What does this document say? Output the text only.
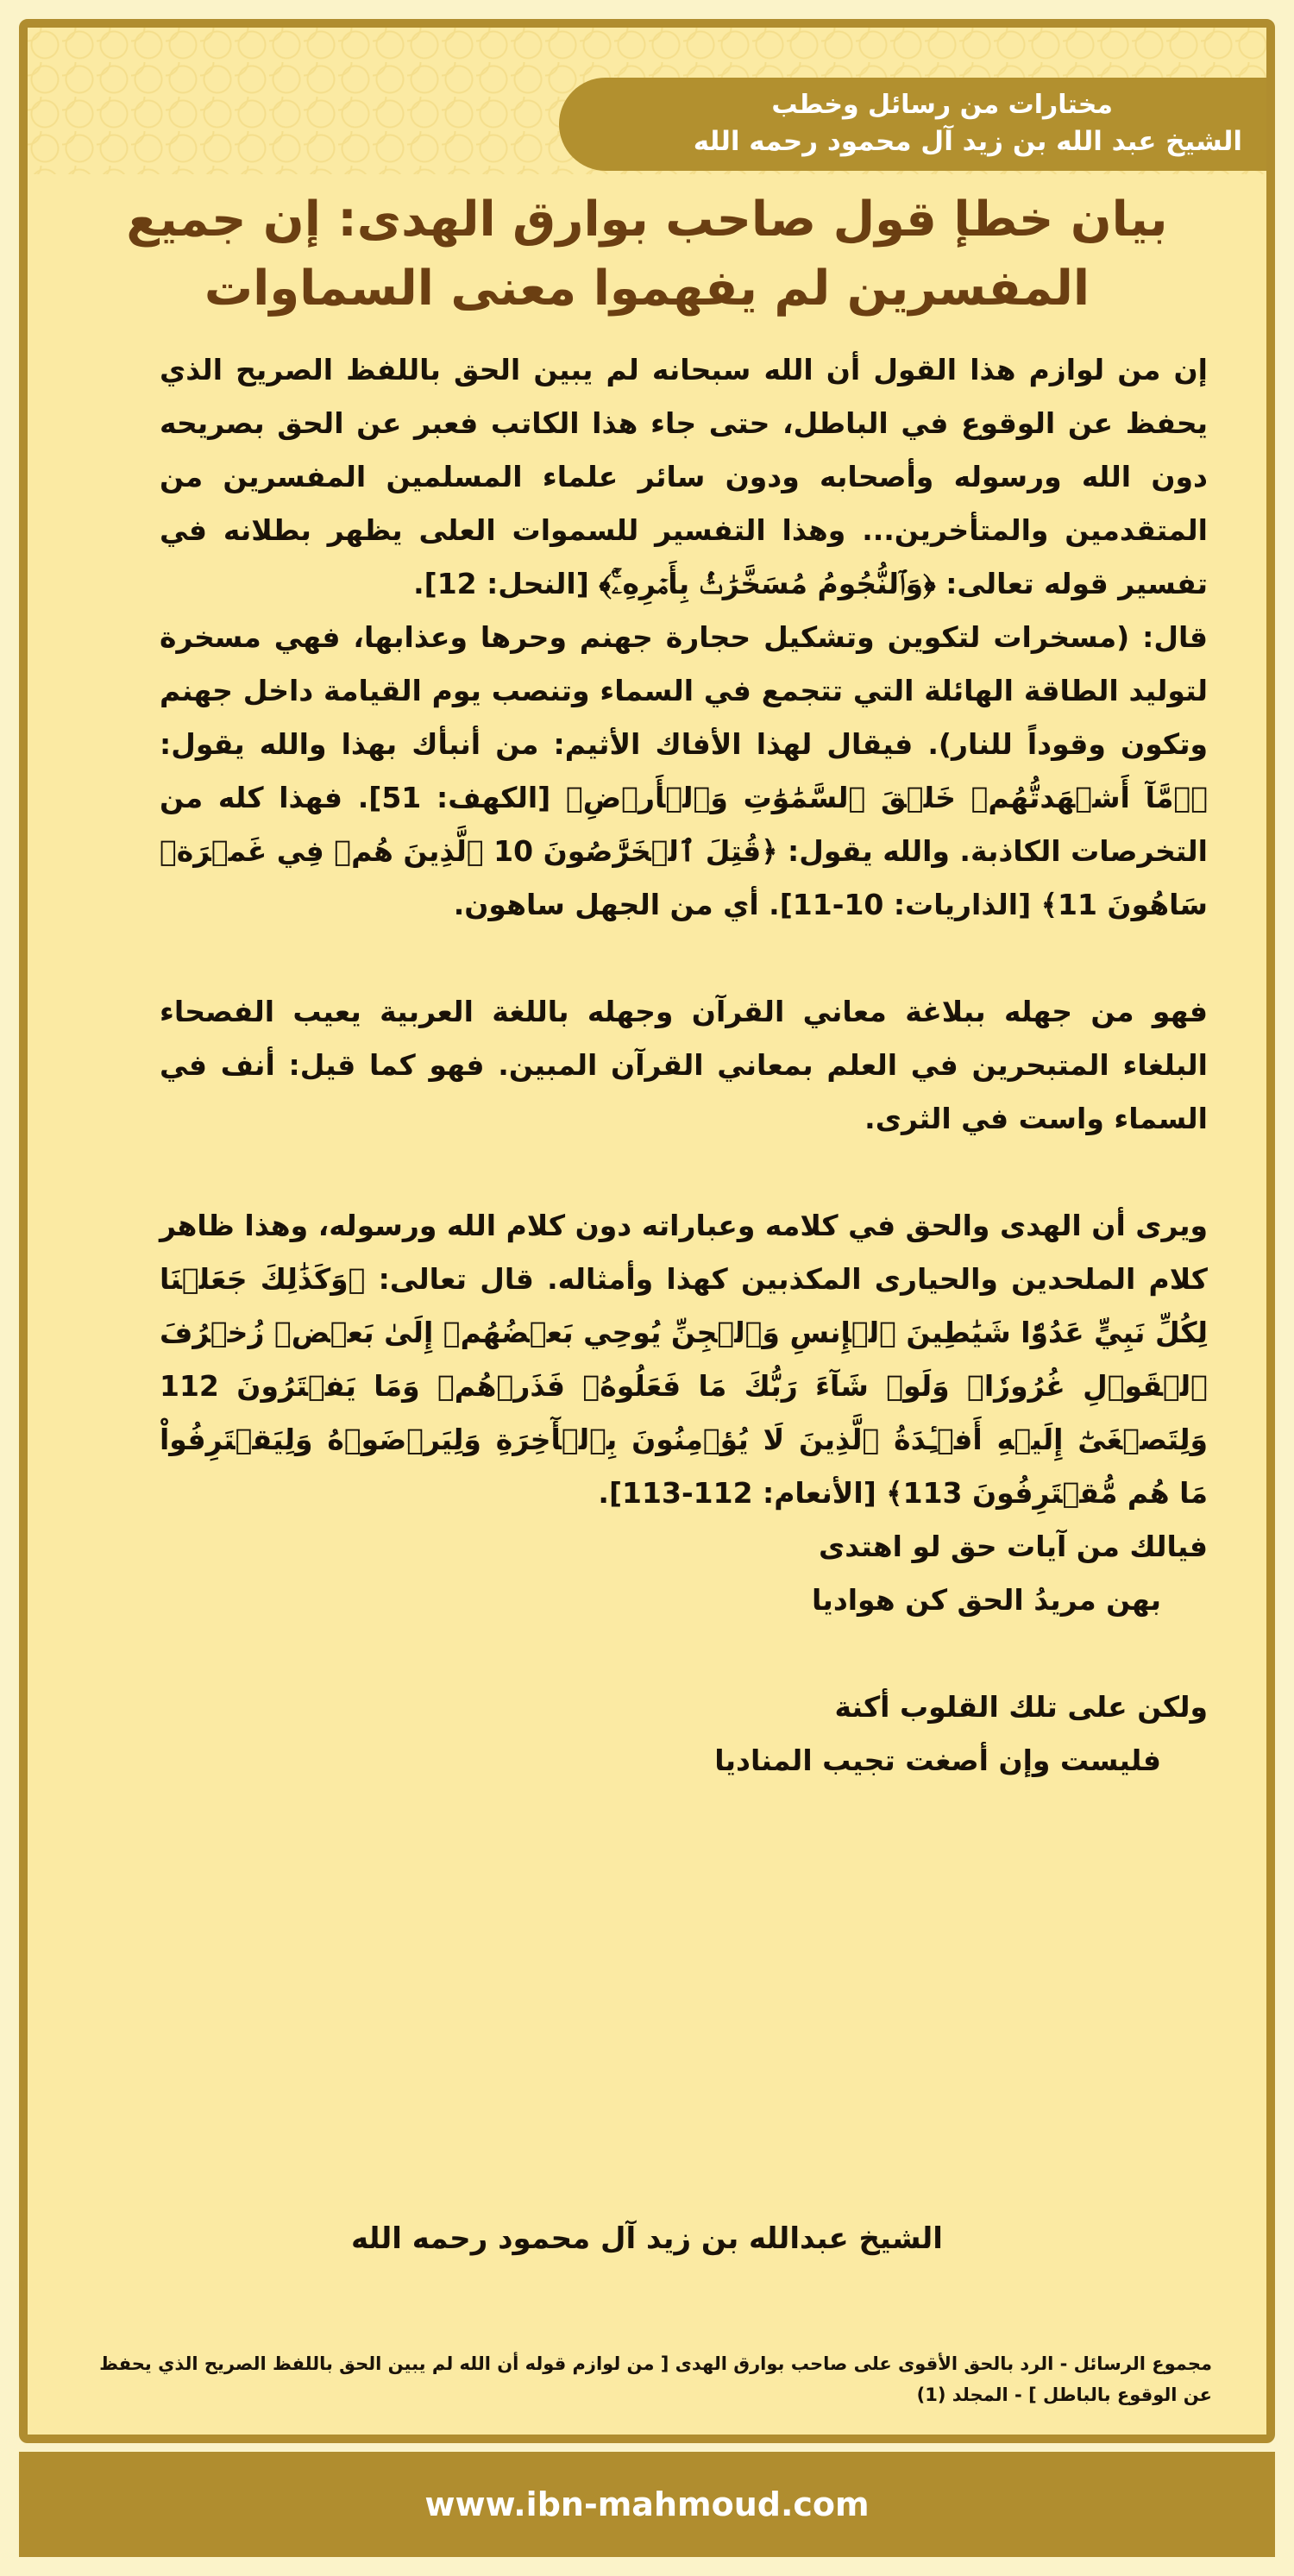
مختارات من رسائل وخطب
الشيخ عبد الله بن زيد آل محمود رحمه الله
بيان خطإ قول صاحب بوارق الهدى: إن جميع
المفسرين لم يفهموا معنى السماوات

إن من لوازم هذا القول أن الله سبحانه لم يبين الحق باللفظ الصريح الذي يحفظ عن الوقوع في الباطل، حتى جاء هذا الكاتب فعبر عن الحق بصريحه دون الله ورسوله وأصحابه ودون سائر علماء المسلمين المفسرين من المتقدمين والمتأخرين... وهذا التفسير للسموات العلى يظهر بطلانه في تفسير قوله تعالى: ﴿وَٱلنُّجُومُ مُسَخَّرَٰتُۢ بِأَمۡرِهِۦٓۚ﴾ [النحل: 12].

قال: (مسخرات لتكوين وتشكيل حجارة جهنم وحرها وعذابها، فهي مسخرة لتوليد الطاقة الهائلة التي تتجمع في السماء وتنصب يوم القيامة داخل جهنم وتكون وقوداً للنار). فيقال لهذا الأفاك الأثيم: من أنبأك بهذا والله يقول: ﴿۞مَّآ أَشۡهَدتُّهُمۡ خَلۡقَ ٱلسَّمَٰوَٰتِ وَٱلۡأَرۡضِ﴾ [الكهف: 51]. فهذا كله من التخرصات الكاذبة. والله يقول: ﴿قُتِلَ ٱلۡخَرَّٰصُونَ 10 ٱلَّذِينَ هُمۡ فِي غَمۡرَةٖ سَاهُونَ 11﴾ [الذاريات: 10-11]. أي من الجهل ساهون.

فهو من جهله ببلاغة معاني القرآن وجهله باللغة العربية يعيب الفصحاء البلغاء المتبحرين في العلم بمعاني القرآن المبين. فهو كما قيل: أنف في السماء واست في الثرى.

ويرى أن الهدى والحق في كلامه وعباراته دون كلام الله ورسوله، وهذا ظاهر كلام الملحدين والحيارى المكذبين كهذا وأمثاله. قال تعالى: ﴿وَكَذَٰلِكَ جَعَلۡنَا لِكُلِّ نَبِيٍّ عَدُوّٗا شَيَٰطِينَ ٱلۡإِنسِ وَٱلۡجِنِّ يُوحِي بَعۡضُهُمۡ إِلَىٰ بَعۡضٖ زُخۡرُفَ ٱلۡقَوۡلِ غُرُورٗاۚ وَلَوۡ شَآءَ رَبُّكَ مَا فَعَلُوهُۖ فَذَرۡهُمۡ وَمَا يَفۡتَرُونَ 112 وَلِتَصۡغَىٰٓ إِلَيۡهِ أَفۡـِٔدَةُ ٱلَّذِينَ لَا يُؤۡمِنُونَ بِٱلۡأٓخِرَةِ وَلِيَرۡضَوۡهُ وَلِيَقۡتَرِفُواْ مَا هُم مُّقۡتَرِفُونَ 113﴾ [الأنعام: 112-113].

فيالك من آيات حق لو اهتدى

بهن مريدُ الحق كن هواديا

ولكن على تلك القلوب أكنة

فليست وإن أصغت تجيب المناديا

الشيخ عبدالله بن زيد آل محمود رحمه الله
مجموع الرسائل - الرد بالحق الأقوى على صاحب بوارق الهدى [ من لوازم قوله أن الله لم يبين الحق باللفظ الصريح الذي يحفظ عن الوقوع بالباطل ] - المجلد (1)
www.ibn-mahmoud.com
